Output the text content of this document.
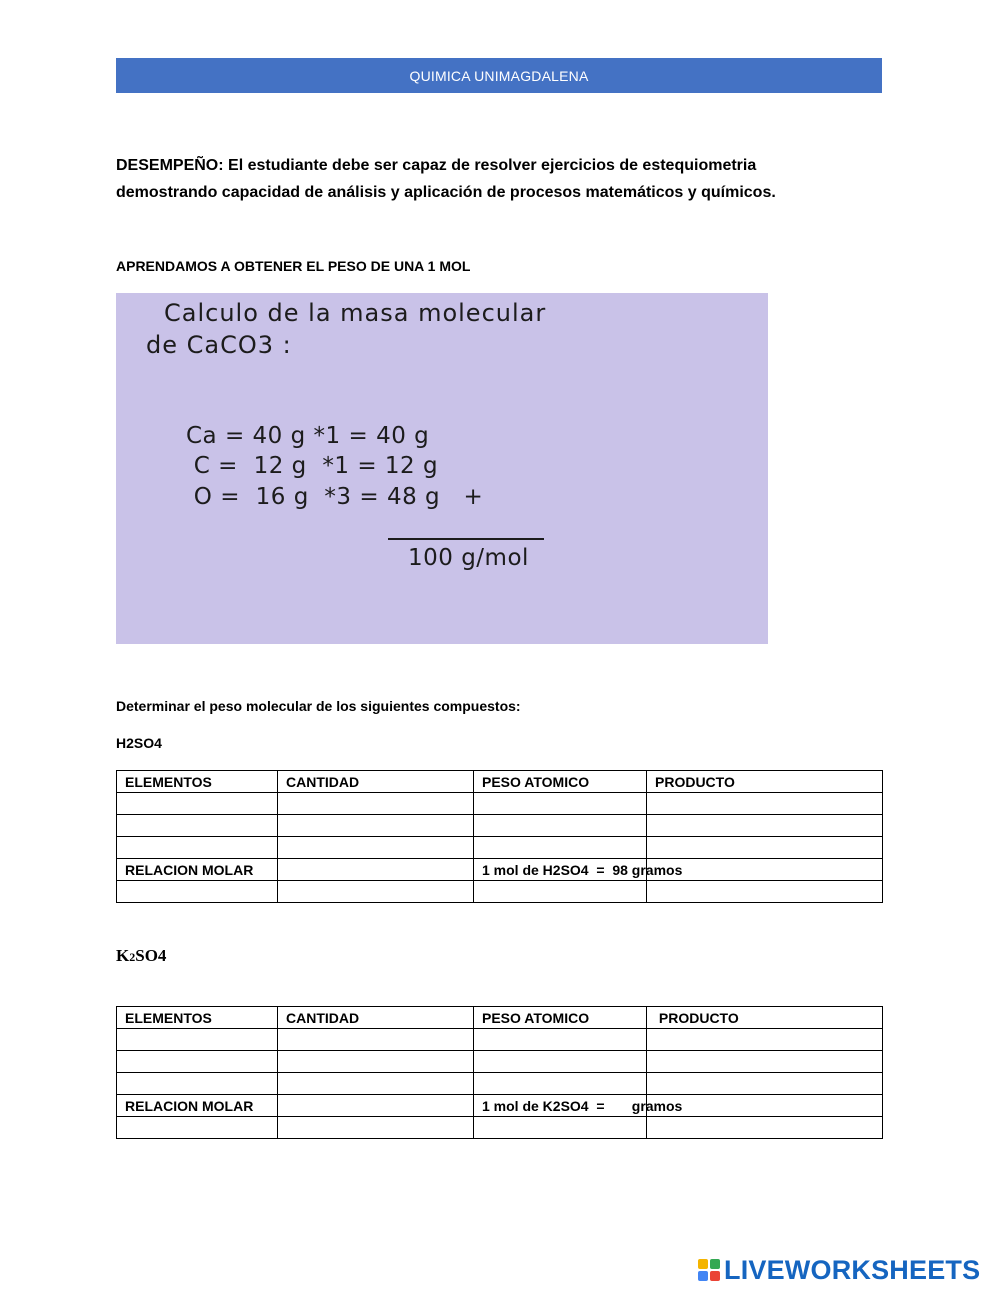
QUIMICA UNIMAGDALENA
DESEMPEÑO: El estudiante debe ser capaz de resolver ejercicios de estequiometria
demostrando capacidad de análisis y aplicación de procesos matemáticos y químicos.
APRENDAMOS A OBTENER EL PESO DE UNA 1 MOL
Calculo de la masa molecular
de CaCO3 :
Ca = 40 g *1 = 40 g
C =  12 g  *1 = 12 g
O =  16 g  *3 = 48 g   +
100 g/mol
Determinar el peso molecular de los siguientes compuestos:
H2SO4
ELEMENTOS	CANTIDAD	PESO ATOMICO	PRODUCTO

RELACION MOLAR		1 mol de H2SO4  =  98 gramos	

K2SO4
ELEMENTOS	CANTIDAD	PESO ATOMICO	PRODUCTO

RELACION MOLAR		1 mol de K2SO4  =       gramos	

LIVEWORKSHEETS
